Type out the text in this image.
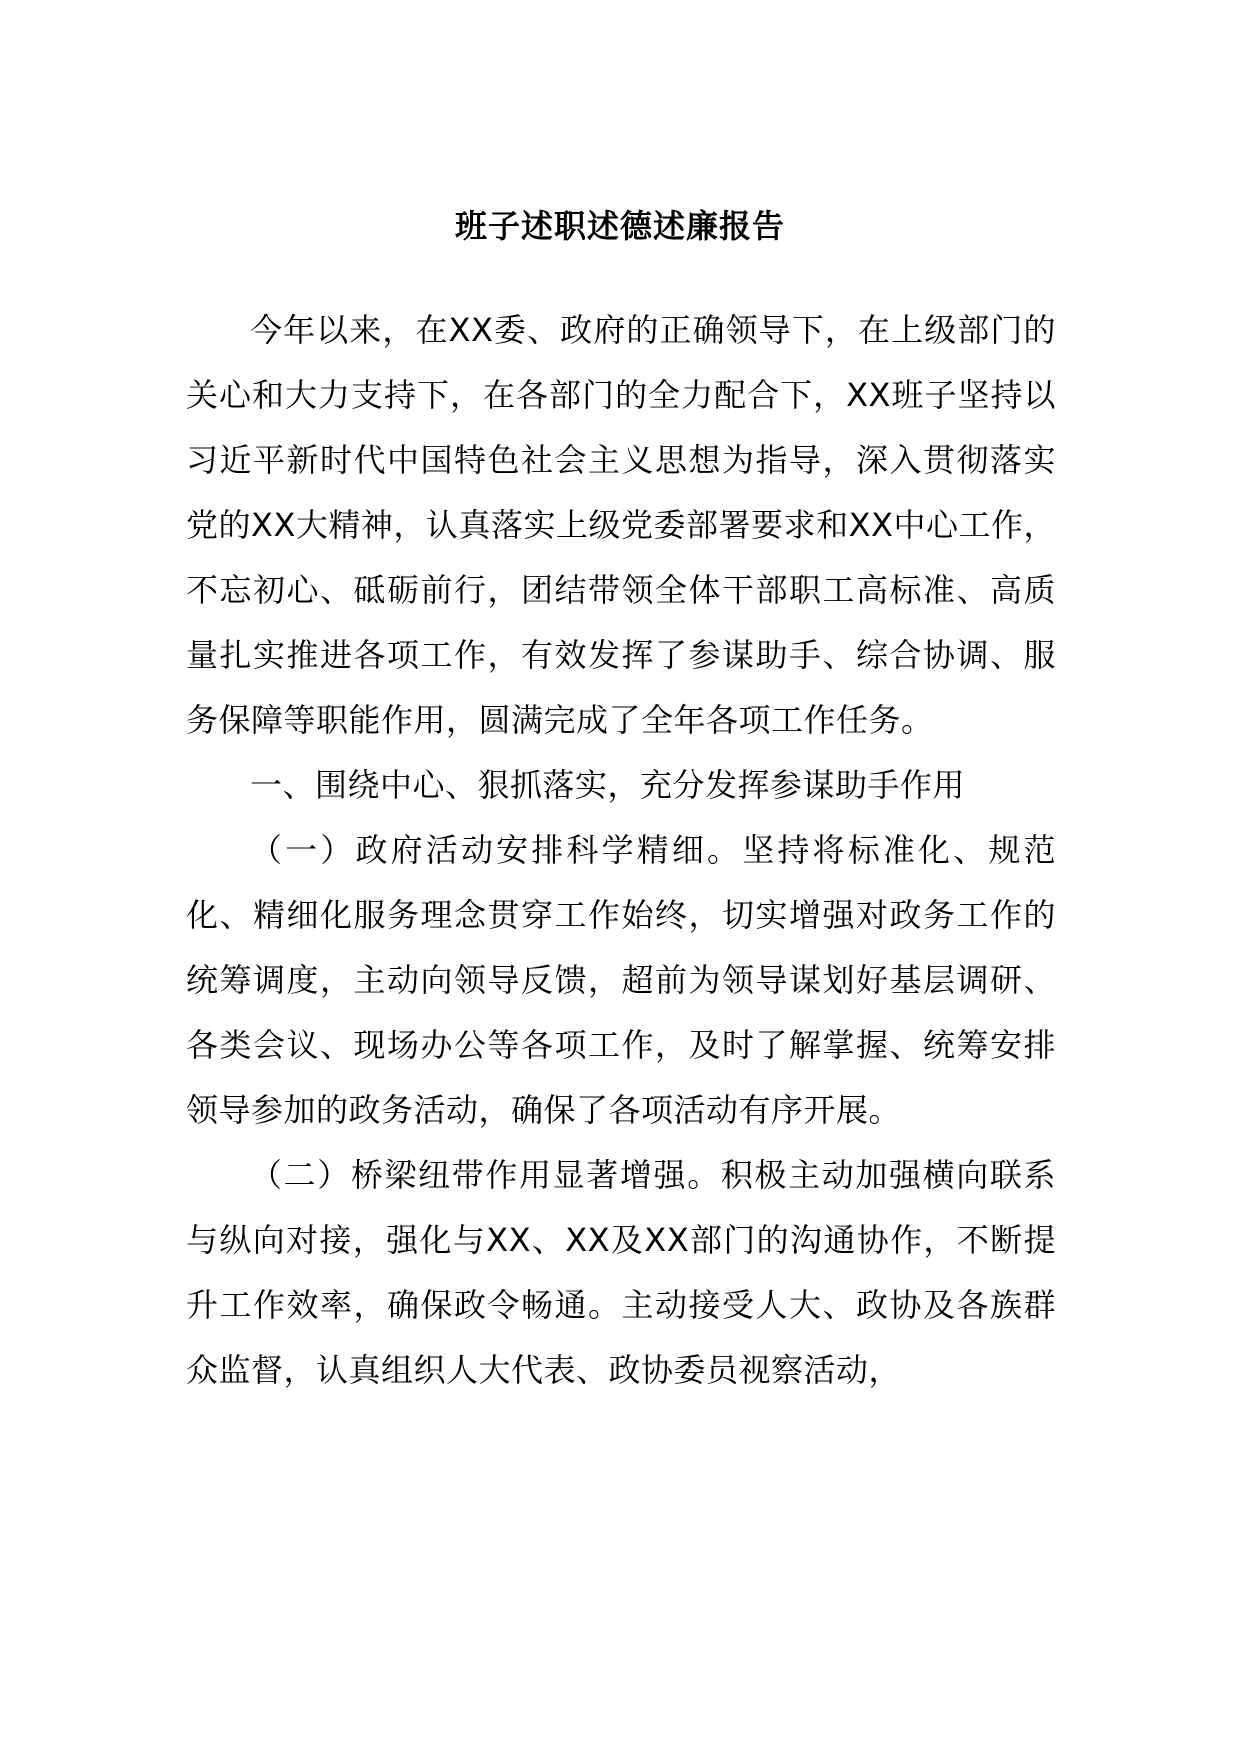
班子述职述德述廉报告

今年以来，在XX委、政府的正确领导下，在上级部门的关心和大力支持下，在各部门的全力配合下，XX班子坚持以习近平新时代中国特色社会主义思想为指导，深入贯彻落实党的XX大精神，认真落实上级党委部署要求和XX中心工作，不忘初心、砥砺前行，团结带领全体干部职工高标准、高质量扎实推进各项工作，有效发挥了参谋助手、综合协调、服务保障等职能作用，圆满完成了全年各项工作任务。

一、围绕中心、狠抓落实，充分发挥参谋助手作用

（一）政府活动安排科学精细。坚持将标准化、规范化、精细化服务理念贯穿工作始终，切实增强对政务工作的统筹调度，主动向领导反馈，超前为领导谋划好基层调研、各类会议、现场办公等各项工作，及时了解掌握、统筹安排领导参加的政务活动，确保了各项活动有序开展。

（二）桥梁纽带作用显著增强。积极主动加强横向联系与纵向对接，强化与XX、XX及XX部门的沟通协作，不断提升工作效率，确保政令畅通。主动接受人大、政协及各族群众监督，认真组织人大代表、政协委员视察活动，
